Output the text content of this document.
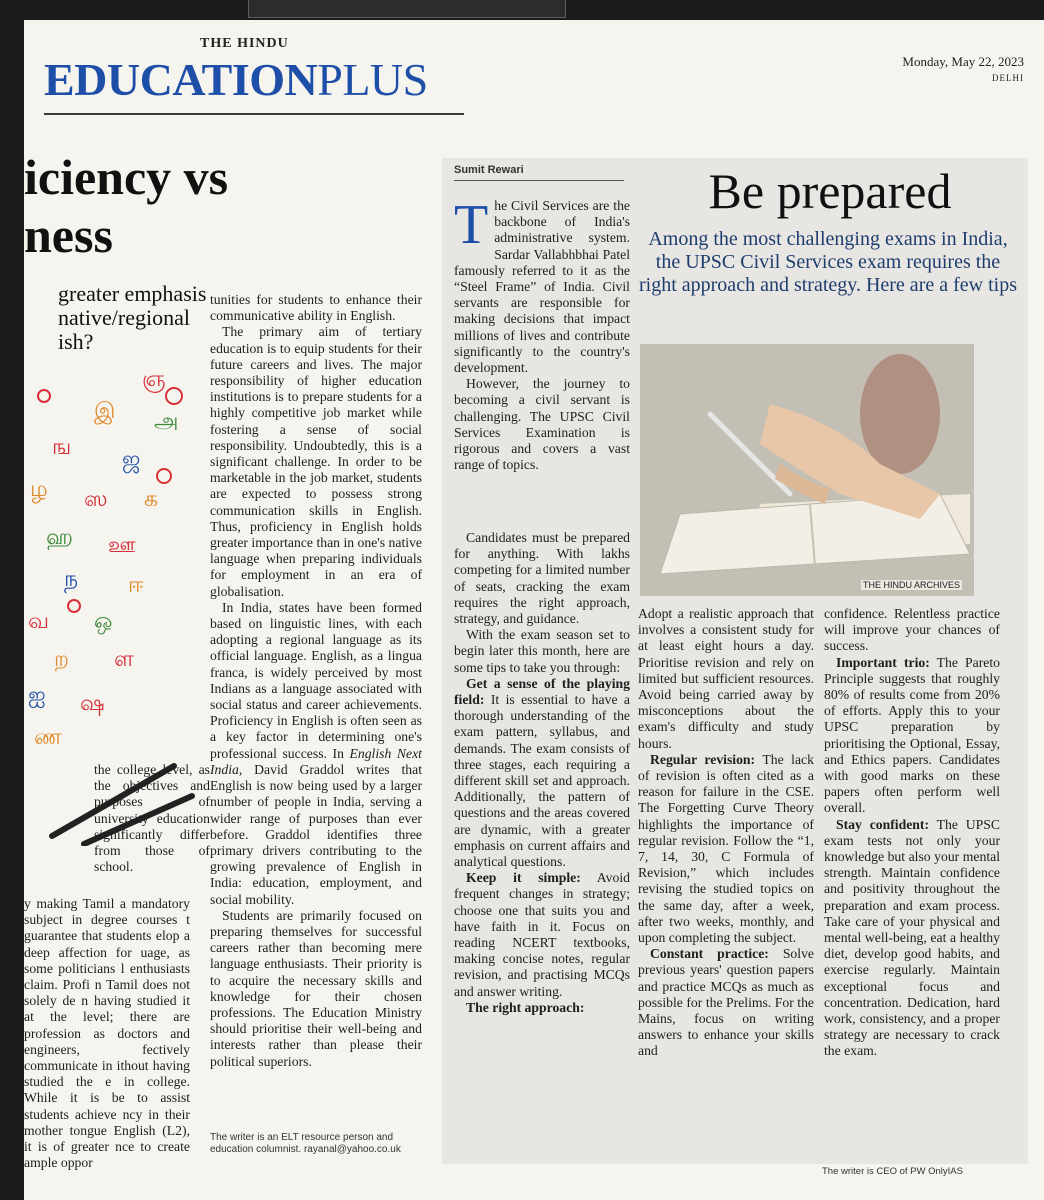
THE HINDU
EDUCATIONPLUS	Monday, May 22, 2023
DELHI
iciency vs
ness
greater emphasis
native/regional
ish?
ஞ
இ அ
ங ஜ
ழ ஸ க
ஹ ஊ
ந ஈ
வ ஒ
ற ள
ஐ ஷ
ண

the college level, as the objectives and purposes of university education significantly differ from those of school.

y making Tamil a mandatory subject in degree courses t guarantee that students elop a deep affection for uage, as some politicians l enthusiasts claim. Profi n Tamil does not solely de n having studied it at the level; there are profession as doctors and engineers, fectively communicate in ithout having studied the e in college. While it is be to assist students achieve ncy in their mother tongue English (L2), it is of greater nce to create ample oppor

tunities for students to enhance their communicative ability in English.

The primary aim of tertiary education is to equip students for their future careers and lives. The major responsibility of higher education institutions is to prepare students for a highly competitive job market while fostering a sense of social responsibility. Undoubtedly, this is a significant challenge. In order to be marketable in the job market, students are expected to possess strong communication skills in English. Thus, proficiency in English holds greater importance than in one's native language when preparing individuals for employment in an era of globalisation.

In India, states have been formed based on linguistic lines, with each adopting a regional language as its official language. English, as a lingua franca, is widely perceived by most Indians as a language associated with social status and career achievements. Proficiency in English is often seen as a key factor in determining one's professional success. In English Next India, David Graddol writes that English is now being used by a larger number of people in India, serving a wider range of purposes than ever before. Graddol identifies three primary drivers contributing to the growing prevalence of English in India: education, employment, and social mobility.

Students are primarily focused on preparing themselves for successful careers rather than becoming mere language enthusiasts. Their priority is to acquire the necessary skills and knowledge for their chosen professions. The Education Ministry should prioritise their well-being and interests rather than please their political superiors.

The writer is an ELT resource person and education columnist. rayanal@yahoo.co.uk
Sumit Rewari	Be prepared
Among the most challenging exams in India, the UPSC Civil Services exam requires the right approach and strategy. Here are a few tips

The Civil Services are the backbone of India's administrative system. Sardar Vallabhbhai Patel famously referred to it as the “Steel Frame” of India. Civil servants are responsible for making decisions that impact millions of lives and contribute significantly to the country's development.

However, the journey to becoming a civil servant is challenging. The UPSC Civil Services Examination is rigorous and covers a vast range of topics.

Candidates must be prepared for anything. With lakhs competing for a limited number of seats, cracking the exam requires the right approach, strategy, and guidance.

With the exam season set to begin later this month, here are some tips to take you through:

Get a sense of the playing field: It is essential to have a thorough understanding of the exam pattern, syllabus, and demands. The exam consists of three stages, each requiring a different skill set and approach. Additionally, the pattern of questions and the areas covered are dynamic, with a greater emphasis on current affairs and analytical questions.

Keep it simple: Avoid frequent changes in strategy; choose one that suits you and have faith in it. Focus on reading NCERT textbooks, making concise notes, regular revision, and practising MCQs and answer writing.

The right approach:

THE HINDU ARCHIVES

Adopt a realistic approach that involves a consistent study for at least eight hours a day. Prioritise revision and rely on limited but sufficient resources. Avoid being carried away by misconceptions about the exam's difficulty and study hours.

Regular revision: The lack of revision is often cited as a reason for failure in the CSE. The Forgetting Curve Theory highlights the importance of regular revision. Follow the “1, 7, 14, 30, C Formula of Revision,” which includes revising the studied topics on the same day, after a week, after two weeks, monthly, and upon completing the subject.

Constant practice: Solve previous years' question papers and practice MCQs as much as possible for the Prelims. For the Mains, focus on writing answers to enhance your skills and

confidence. Relentless practice will improve your chances of success.

Important trio: The Pareto Principle suggests that roughly 80% of results come from 20% of efforts. Apply this to your UPSC preparation by prioritising the Optional, Essay, and Ethics papers. Candidates with good marks on these papers often perform well overall.

Stay confident: The UPSC exam tests not only your knowledge but also your mental strength. Maintain confidence and positivity throughout the preparation and exam process. Take care of your physical and mental well-being, eat a healthy diet, develop good habits, and exercise regularly. Maintain exceptional focus and concentration. Dedication, hard work, consistency, and a proper strategy are necessary to crack the exam.

The writer is CEO of PW OnlyIAS
